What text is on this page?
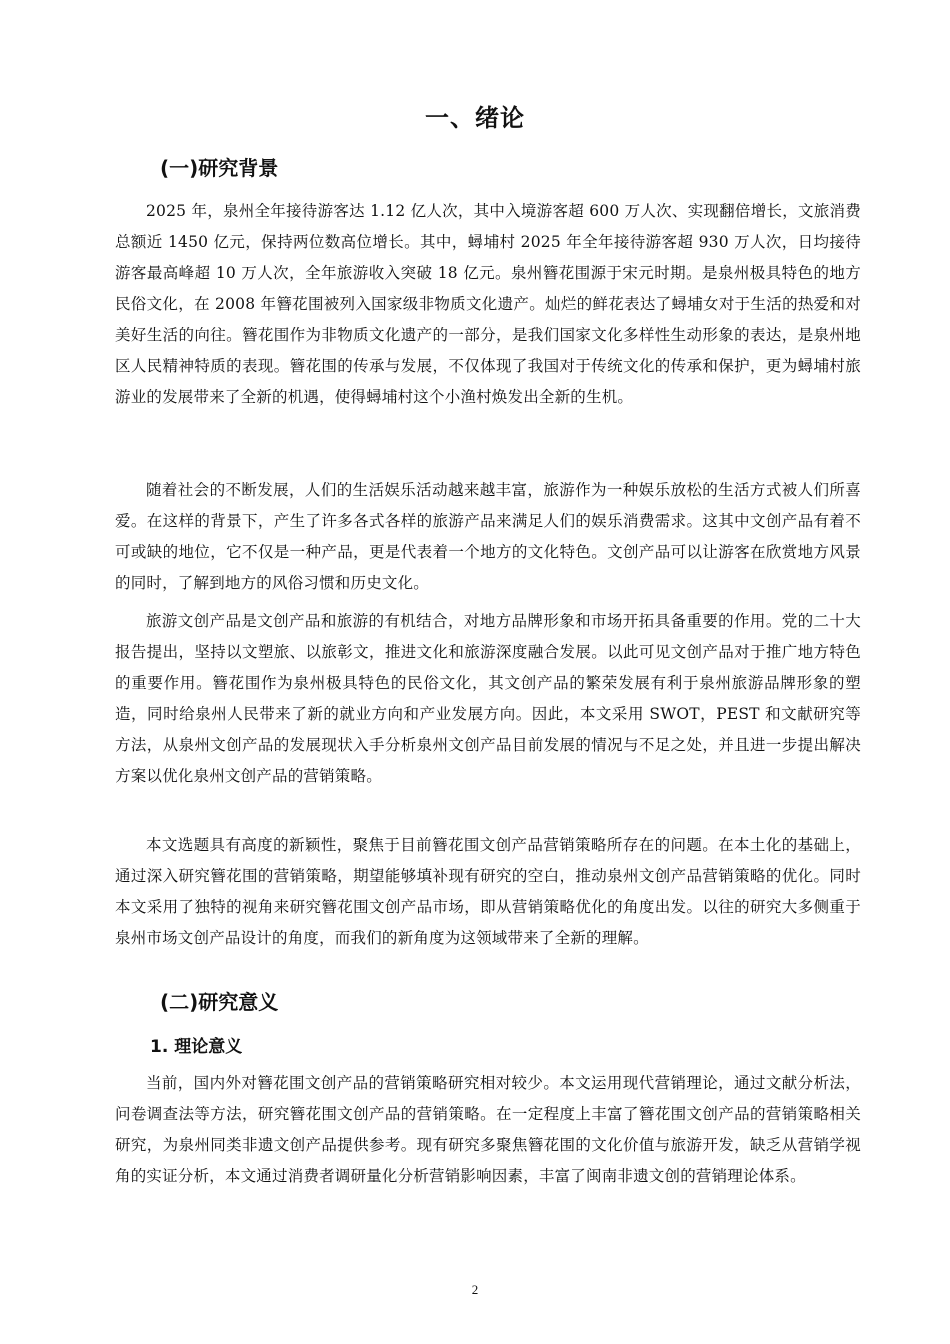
一、绪论
(一)研究背景

2025 年，泉州全年接待游客达 1.12 亿人次，其中入境游客超 600 万人次、实现翻倍增长，文旅消费总额近 1450 亿元，保持两位数高位增长。其中，蟳埔村 2025 年全年接待游客超 930 万人次，日均接待游客最高峰超 10 万人次，全年旅游收入突破 18 亿元。泉州簪花围源于宋元时期。是泉州极具特色的地方民俗文化，在 2008 年簪花围被列入国家级非物质文化遗产。灿烂的鲜花表达了蟳埔女对于生活的热爱和对美好生活的向往。簪花围作为非物质文化遗产的一部分，是我们国家文化多样性生动形象的表达，是泉州地区人民精神特质的表现。簪花围的传承与发展，不仅体现了我国对于传统文化的传承和保护，更为蟳埔村旅游业的发展带来了全新的机遇，使得蟳埔村这个小渔村焕发出全新的生机。

随着社会的不断发展，人们的生活娱乐活动越来越丰富，旅游作为一种娱乐放松的生活方式被人们所喜爱。在这样的背景下，产生了许多各式各样的旅游产品来满足人们的娱乐消费需求。这其中文创产品有着不可或缺的地位，它不仅是一种产品，更是代表着一个地方的文化特色。文创产品可以让游客在欣赏地方风景的同时，了解到地方的风俗习惯和历史文化。

旅游文创产品是文创产品和旅游的有机结合，对地方品牌形象和市场开拓具备重要的作用。党的二十大报告提出，坚持以文塑旅、以旅彰文，推进文化和旅游深度融合发展。以此可见文创产品对于推广地方特色的重要作用。簪花围作为泉州极具特色的民俗文化，其文创产品的繁荣发展有利于泉州旅游品牌形象的塑造，同时给泉州人民带来了新的就业方向和产业发展方向。因此，本文采用 SWOT，PEST 和文献研究等方法，从泉州文创产品的发展现状入手分析泉州文创产品目前发展的情况与不足之处，并且进一步提出解决方案以优化泉州文创产品的营销策略。

本文选题具有高度的新颖性，聚焦于目前簪花围文创产品营销策略所存在的问题。在本土化的基础上，通过深入研究簪花围的营销策略，期望能够填补现有研究的空白，推动泉州文创产品营销策略的优化。同时本文采用了独特的视角来研究簪花围文创产品市场，即从营销策略优化的角度出发。以往的研究大多侧重于泉州市场文创产品设计的角度，而我们的新角度为这领域带来了全新的理解。

(二)研究意义
1. 理论意义

当前，国内外对簪花围文创产品的营销策略研究相对较少。本文运用现代营销理论，通过文献分析法，问卷调查法等方法，研究簪花围文创产品的营销策略。在一定程度上丰富了簪花围文创产品的营销策略相关研究，为泉州同类非遗文创产品提供参考。现有研究多聚焦簪花围的文化价值与旅游开发，缺乏从营销学视角的实证分析，本文通过消费者调研量化分析营销影响因素，丰富了闽南非遗文创的营销理论体系。

2
